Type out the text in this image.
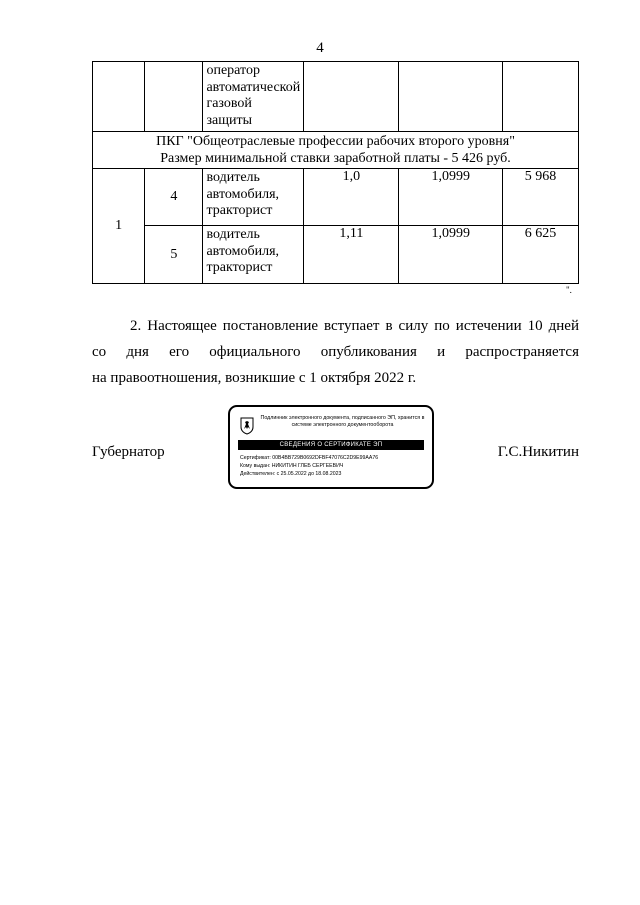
4
		оператор автоматической газовой защиты			

ПКГ "Общеотраслевые профессии рабочих второго уровня"
Размер минимальной ставки заработной платы - 5 426 руб.					

1	4	водитель автомобиля, тракторист	1,0	1,0999	5 968
	5	водитель автомобиля, тракторист	1,11	1,0999	6 625
".
2. Настоящее постановление вступает в силу по истечении 10 дней
со дня его официального опубликования и распространяется
на правоотношения, возникшие с 1 октября 2022 г.
Губернатор	Г.С.Никитин
Подлинник электронного документа, подписанного ЭП, хранится в системе электронного документооборота
СВЕДЕНИЯ О СЕРТИФИКАТЕ ЭП
Сертификат: 00B4BB729B0692DFBF47076C2D9E99AA76
Кому выдан: НИКИТИН ГЛЕБ СЕРГЕЕВИЧ
Действителен: с 25.05.2022 до 18.08.2023
